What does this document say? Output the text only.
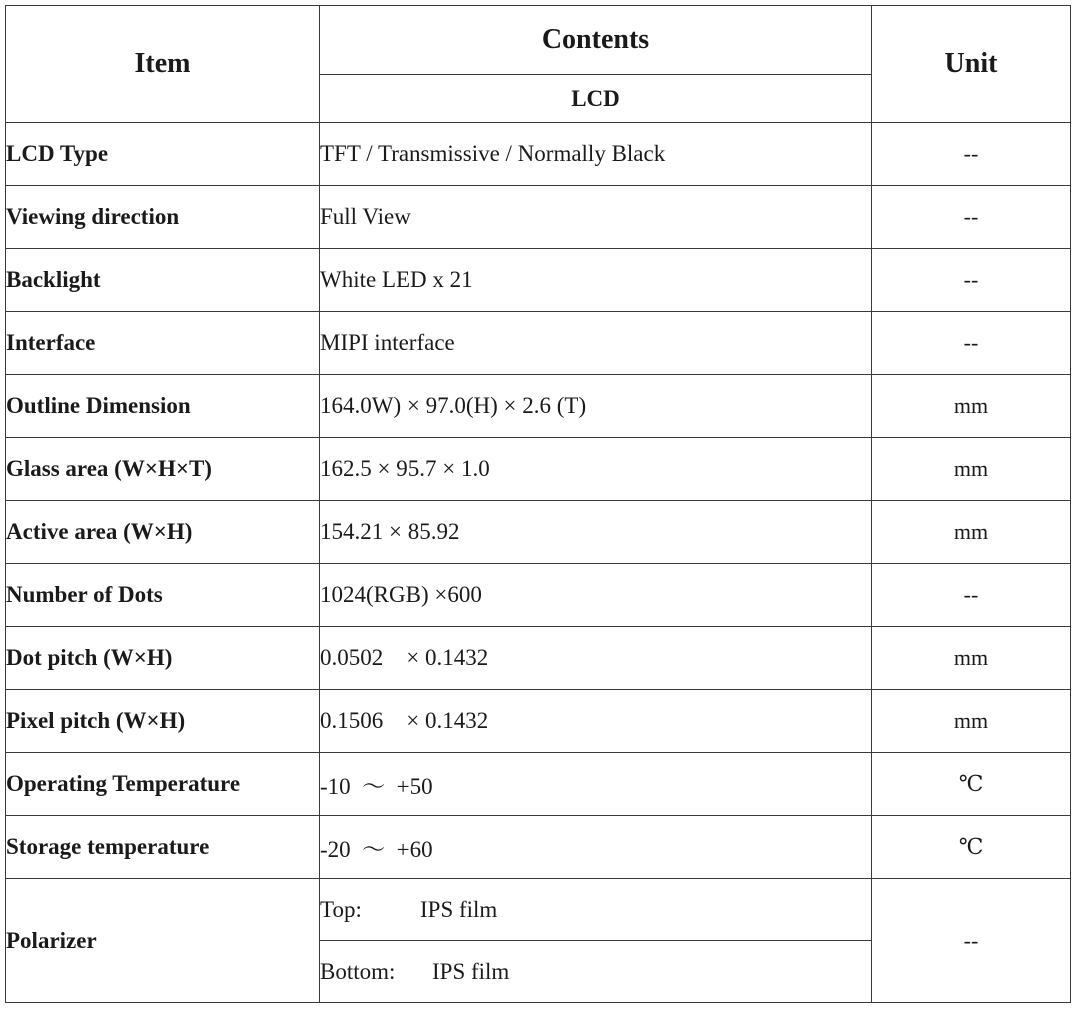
Item	Contents	Unit
	LCD	
LCD Type	TFT / Transmissive / Normally Black	--
Viewing direction	Full View	--
Backlight	White LED x 21	--
Interface	MIPI interface	--
Outline Dimension	164.0W) × 97.0(H) × 2.6 (T)	mm
Glass area (W×H×T)	162.5 × 95.7 × 1.0	mm
Active area (W×H)	154.21 × 85.92	mm
Number of Dots	1024(RGB) ×600	--
Dot pitch (W×H)	0.0502    × 0.1432	mm
Pixel pitch (W×H)	0.1506    × 0.1432	mm
Operating Temperature	-10  ～  +50	℃
Storage temperature	-20  ～  +60	℃
Polarizer	Top: IPS film	--
	Bottom: IPS film	
